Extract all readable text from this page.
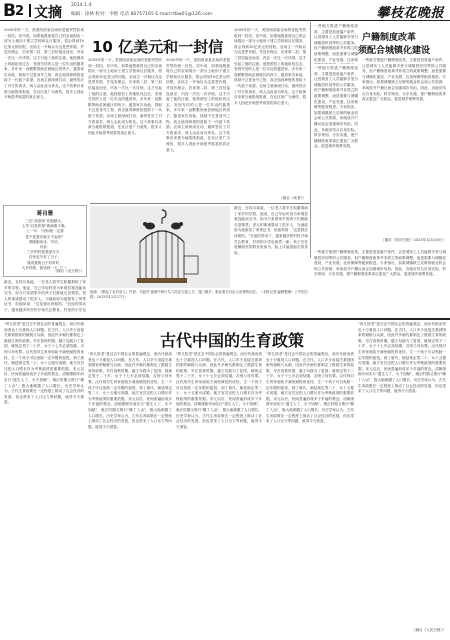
B 2 文摘 2014.1.4
编辑：徐林 校对：李艳 电话 86757165 E-mail:rtbw01@126.com	攀枝花晚报
10 亿美元和一封信
2005年的一天，美国西部某农场的老板突然收到一封信。信中说，如果他愿意将自己的农场捐出一部分土地用于建立学校和社区服务，将会得到10亿美元的回报。农场主一开始以为这是恶作剧，并没有理会，后来第二封、第三封信接连而至，内容一次比一次详细，这才引起了他的注意。他按照信上的地址找过去，发现写信的人是一位年迈的慈善家，多年来一直默默资助贫困地区的孩子。慈善家告诉他，钱财不过是身外之物，真正值得珍惜的是给下一代留下希望。农场主被深深打动，最终答应了对方的请求，两人由此成为挚友。这个故事后来被当地报纸报道，在社区里广为流传，很多人因此开始思考财富的真正意义。
2005年的一天，美国西部某农场的老板突然收到一封信。信中说，如果他愿意将自己的农场捐出一部分土地用于建立学校和社区服务，将会得到10亿美元的回报。农场主一开始以为这是恶作剧，并没有理会，后来第二封、第三封信接连而至，内容一次比一次详细，这才引起了他的注意。他按照信上的地址找过去，发现写信的人是一位年迈的慈善家，多年来一直默默资助贫困地区的孩子。慈善家告诉他，钱财不过是身外之物，真正值得珍惜的是给下一代留下希望。农场主被深深打动，最终答应了对方的请求，两人由此成为挚友。这个故事后来被当地报纸报道，在社区里广为流传，很多人因此开始思考财富的真正意义。
2005年的一天，美国西部某农场的老板突然收到一封信。信中说，如果他愿意将自己的农场捐出一部分土地用于建立学校和社区服务，将会得到10亿美元的回报。农场主一开始以为这是恶作剧，并没有理会，后来第二封、第三封信接连而至，内容一次比一次详细，这才引起了他的注意。他按照信上的地址找过去，发现写信的人是一位年迈的慈善家，多年来一直默默资助贫困地区的孩子。慈善家告诉他，钱财不过是身外之物，真正值得珍惜的是给下一代留下希望。农场主被深深打动，最终答应了对方的请求，两人由此成为挚友。这个故事后来被当地报纸报道，在社区里广为流传，很多人因此开始思考财富的真正意义。
2005年的一天，美国西部某农场的老板突然收到一封信。信中说，如果他愿意将自己的农场捐出一部分土地用于建立学校和社区服务，将会得到10亿美元的回报。农场主一开始以为这是恶作剧，并没有理会，后来第二封、第三封信接连而至，内容一次比一次详细，这才引起了他的注意。他按照信上的地址找过去，发现写信的人是一位年迈的慈善家，多年来一直默默资助贫困地区的孩子。慈善家告诉他，钱财不过是身外之物，真正值得珍惜的是给下一代留下希望。农场主被深深打动，最终答应了对方的请求，两人由此成为挚友。这个故事后来被当地报纸报道，在社区里广为流传，很多人因此开始思考财富的真正意义。
（摘自《读者》）
一些地方推进户籍制度改革，主要是放宽落户条件，让进城务工人员能够享受与城镇居民同等的公共服务。但户籍制度改革并非孤立的政策调整，而是需要与城镇化建设、产业发展、住房保
户籍制度改革
须配合城镇化建设
一些地方推进户籍制度改革，主要是放宽落户条件，让进城务工人员能够享受与城镇居民同等的公共服务。但户籍制度改革并非孤立的政策调整，而是需要与城镇化建设、产业发展、住房保障等配套推进。专家指出，如果城镇缺乏足够的就业机会和公共资源，单纯放开户籍反而会加重城市负担。因此，各地应结合自身实际，科学规划、分步实施，使户籍制度改革真正惠及广大群众，促进城乡统筹发展。
一些地方推进户籍制度改革，主要是放宽落户条件，让进城务工人员能够享受与城镇居民同等的公共服务。但户籍制度改革并非孤立的政策调整，而是需要与城镇化建设、产业发展、住房保障等配套推进。专家指出，如果城镇缺乏足够的就业机会和公共资源，单纯放开户籍反而会加重城市负担。因此，各地应结合自身实际，科学规划、分步实施，使户籍制度改革真正惠及广大群众，促进城乡统筹发展。
（摘自《经济日报》2013年12月30日）
蒋自雅

三亿"高富帅"比眼睛大，

七年"百姓医保"看病难不难。

上一年："房价就一定要

是不是我们就买不起房？

我刚刚读诗，写信，

诗说：

三岁的时候我是写字，

在家也写好了日子。

我说我的日子好时时，

大多时候，我读到一天（？）

（摘自《北方报》）
最近，在四川某地，一位老人将毕生积蓄捐给了家乡的学校。他说，自己年轻时因为家境贫寒没能读完书，如今只希望家乡的孩子们都能走进课堂。老人的事迹感动了很多人，当地政府为他颁发了荣誉证书，但他却说："这是我应该做的。"在他的带动下，越来越多的村民开始关注教育，村里的小学也焕然一新。孩子们在宽敞明亮的教室里读书，脸上洋溢着灿烂的笑容。
绘画：《想起了农村亲人》作者：马振华 画面中两只鸟儿站在鸟笼上方，笼门敞开，象征着对自由与亲情的向往。（本报记者 编辑整理）（《中国日报》2013年12月27日）
一些地方推进户籍制度改革，主要是放宽落户条件，让进城务工人员能够享受与城镇居民同等的公共服务。但户籍制度改革并非孤立的政策调整，而是需要与城镇化建设、产业发展、住房保障等配套推进。专家指出，如果城镇缺乏足够的就业机会和公共资源，单纯放开户籍反而会加重城市负担。因此，各地应结合自身实际，科学规划、分步实施，使户籍制度改革真正惠及广大群众，促进城乡统筹发展。
最近，在四川某地，一位老人将毕生积蓄捐给了家乡的学校。他说，自己年轻时因为家境贫寒没能读完书，如今只希望家乡的孩子们都能走进课堂。老人的事迹感动了很多人，当地政府为他颁发了荣誉证书，但他却说："这是我应该做的。"在他的带动下，越来越多的村民开始关注教育，村里的小学也
古代中国的生育政策
"养儿防老"是过去中国社会的普遍观念，而历代统治者也十分重视人口问题。在古代，人口多少直接关系到国家的赋税与兵源，因此许多朝代都制定了鼓励生育的政策。早在春秋时期，越王勾践为了复国，就规定男子二十岁、女子十七岁必须结婚，否则父母有罪。汉代则对生育家庭给予减免赋役的优待，生一个孩子可以免除一定年限的徭役。到了唐代，朝廷规定男二十、女十五便可成婚，地方官员还把人口增长作为考核政绩的重要依据。宋元以后，民间普遍形成多子多福的观念。清朝康熙年间实行"滋生人丁，永不加赋"，雍正时期又推行"摊丁入亩"，极大地刺激了人口增长。历史学家认为，古代生育政策在一定程度上推动了社会经济的发展，但也带来了人口压力等问题，值得今天借鉴。
"养儿防老"是过去中国社会的普遍观念，而历代统治者也十分重视人口问题。在古代，人口多少直接关系到国家的赋税与兵源，因此许多朝代都制定了鼓励生育的政策。早在春秋时期，越王勾践为了复国，就规定男子二十岁、女子十七岁必须结婚，否则父母有罪。汉代则对生育家庭给予减免赋役的优待，生一个孩子可以免除一定年限的徭役。到了唐代，朝廷规定男二十、女十五便可成婚，地方官员还把人口增长作为考核政绩的重要依据。宋元以后，民间普遍形成多子多福的观念。清朝康熙年间实行"滋生人丁，永不加赋"，雍正时期又推行"摊丁入亩"，极大地刺激了人口增长。历史学家认为，古代生育政策在一定程度上推动了社会经济的发展，但也带来了人口压力等问题，值得今天借鉴。
"养儿防老"是过去中国社会的普遍观念，而历代统治者也十分重视人口问题。在古代，人口多少直接关系到国家的赋税与兵源，因此许多朝代都制定了鼓励生育的政策。早在春秋时期，越王勾践为了复国，就规定男子二十岁、女子十七岁必须结婚，否则父母有罪。汉代则对生育家庭给予减免赋役的优待，生一个孩子可以免除一定年限的徭役。到了唐代，朝廷规定男二十、女十五便可成婚，地方官员还把人口增长作为考核政绩的重要依据。宋元以后，民间普遍形成多子多福的观念。清朝康熙年间实行"滋生人丁，永不加赋"，雍正时期又推行"摊丁入亩"，极大地刺激了人口增长。历史学家认为，古代生育政策在一定程度上推动了社会经济的发展，但也带来了人口压力等问题，值得今天借鉴。
"养儿防老"是过去中国社会的普遍观念，而历代统治者也十分重视人口问题。在古代，人口多少直接关系到国家的赋税与兵源，因此许多朝代都制定了鼓励生育的政策。早在春秋时期，越王勾践为了复国，就规定男子二十岁、女子十七岁必须结婚，否则父母有罪。汉代则对生育家庭给予减免赋役的优待，生一个孩子可以免除一定年限的徭役。到了唐代，朝廷规定男二十、女十五便可成婚，地方官员还把人口增长作为考核政绩的重要依据。宋元以后，民间普遍形成多子多福的观念。清朝康熙年间实行"滋生人丁，永不加赋"，雍正时期又推行"摊丁入亩"，极大地刺激了人口增长。历史学家认为，古代生育政策在一定程度上推动了社会经济的发展，但也带来了人口压力等问题，值得今天借鉴。
"养儿防老"是过去中国社会的普遍观念，而历代统治者也十分重视人口问题。在古代，人口多少直接关系到国家的赋税与兵源，因此许多朝代都制定了鼓励生育的政策。早在春秋时期，越王勾践为了复国，就规定男子二十岁、女子十七岁必须结婚，否则父母有罪。汉代则对生育家庭给予减免赋役的优待，生一个孩子可以免除一定年限的徭役。到了唐代，朝廷规定男二十、女十五便可成婚，地方官员还把人口增长作为考核政绩的重要依据。宋元以后，民间普遍形成多子多福的观念。清朝康熙年间实行"滋生人丁，永不加赋"，雍正时期又推行"摊丁入亩"，极大地刺激了人口增长。历史学家认为，古代生育政策在一定程度上推动了社会经济的发展，但也带来了人口压力等问题，值得今天借鉴。
（摘自《人民日报》）
